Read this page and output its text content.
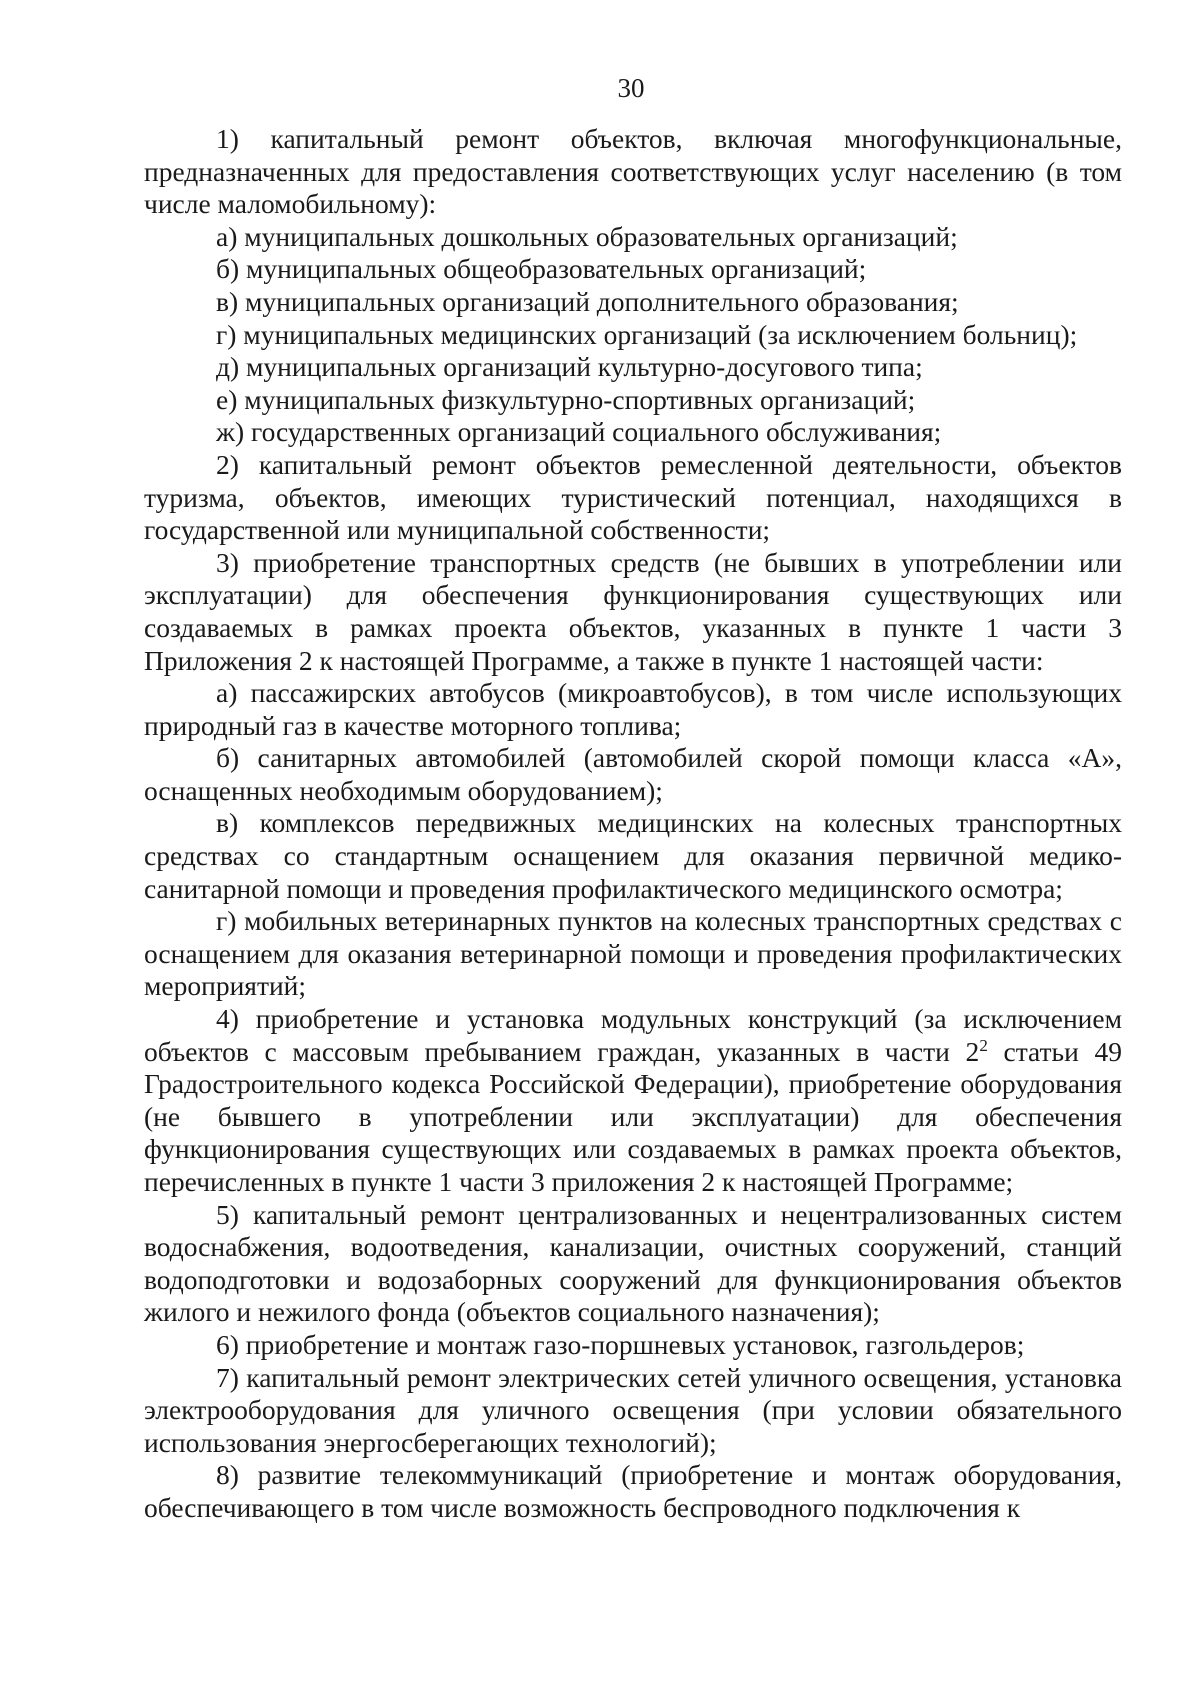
30

1) капитальный ремонт объектов, включая многофункциональные, предназначенных для предоставления соответствующих услуг населению (в том числе маломобильному):

а) муниципальных дошкольных образовательных организаций;

б) муниципальных общеобразовательных организаций;

в) муниципальных организаций дополнительного образования;

г) муниципальных медицинских организаций (за исключением больниц);

д) муниципальных организаций культурно-досугового типа;

е) муниципальных физкультурно-спортивных организаций;

ж) государственных организаций социального обслуживания;

2) капитальный ремонт объектов ремесленной деятельности, объектов туризма, объектов, имеющих туристический потенциал, находящихся в государственной или муниципальной собственности;

3) приобретение транспортных средств (не бывших в употреблении или эксплуатации) для обеспечения функционирования существующих или создаваемых в рамках проекта объектов, указанных в пункте 1 части 3 Приложения 2 к настоящей Программе, а также в пункте 1 настоящей части:

а) пассажирских автобусов (микроавтобусов), в том числе использующих природный газ в качестве моторного топлива;

б) санитарных автомобилей (автомобилей скорой помощи класса «А», оснащенных необходимым оборудованием);

в) комплексов передвижных медицинских на колесных транспортных средствах со стандартным оснащением для оказания первичной медико-санитарной помощи и проведения профилактического медицинского осмотра;

г) мобильных ветеринарных пунктов на колесных транспортных средствах с оснащением для оказания ветеринарной помощи и проведения профилактических мероприятий;

4) приобретение и установка модульных конструкций (за исключением объектов с массовым пребыванием граждан, указанных в части $2^2$ статьи 49 Градостроительного кодекса Российской Федерации), приобретение оборудования (не бывшего в употреблении или эксплуатации) для обеспечения функционирования существующих или создаваемых в рамках проекта объектов, перечисленных в пункте 1 части 3 приложения 2 к настоящей Программе;

5) капитальный ремонт централизованных и нецентрализованных систем водоснабжения, водоотведения, канализации, очистных сооружений, станций водоподготовки и водозаборных сооружений для функционирования объектов жилого и нежилого фонда (объектов социального назначения);

6) приобретение и монтаж газо-поршневых установок, газгольдеров;

7) капитальный ремонт электрических сетей уличного освещения, установка электрооборудования для уличного освещения (при условии обязательного использования энергосберегающих технологий);

8) развитие телекоммуникаций (приобретение и монтаж оборудования, обеспечивающего в том числе возможность беспроводного подключения к
